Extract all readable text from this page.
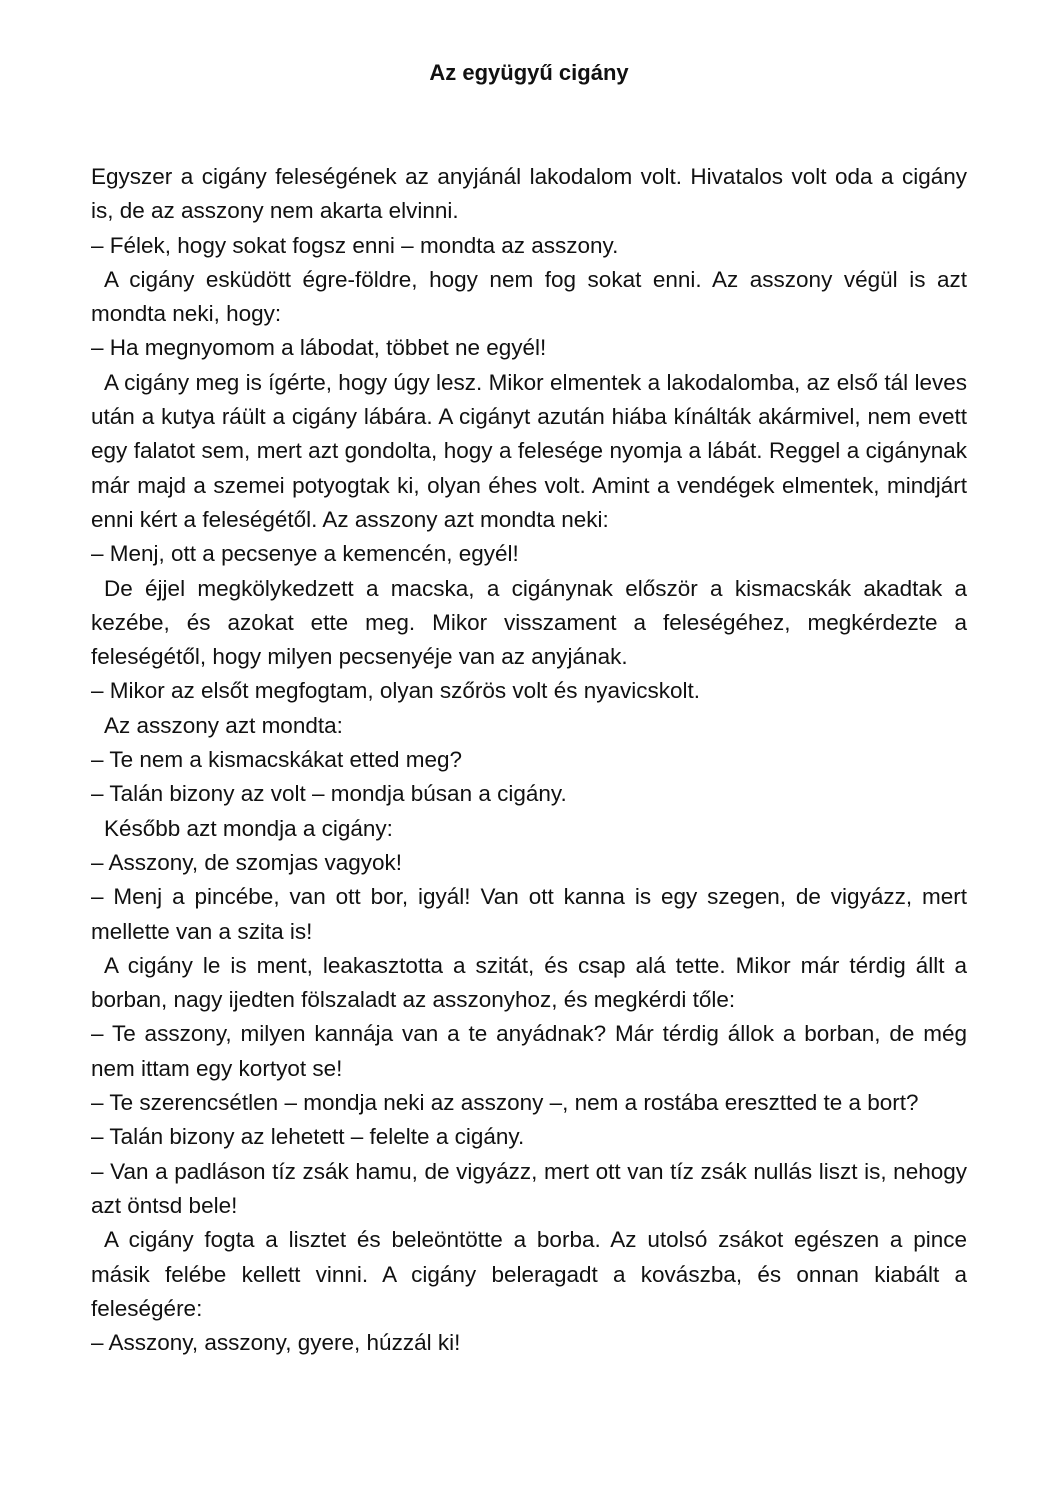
Az együgyű cigány

Egyszer a cigány feleségének az anyjánál lakodalom volt. Hivatalos volt oda a cigány is, de az asszony nem akarta elvinni.

– Félek, hogy sokat fogsz enni – mondta az asszony.

A cigány esküdött égre-földre, hogy nem fog sokat enni. Az asszony végül is azt mondta neki, hogy:

– Ha megnyomom a lábodat, többet ne egyél!

A cigány meg is ígérte, hogy úgy lesz. Mikor elmentek a lakodalomba, az első tál leves után a kutya ráült a cigány lábára. A cigányt azután hiába kínálták akármivel, nem evett egy falatot sem, mert azt gondolta, hogy a felesége nyomja a lábát. Reggel a cigánynak már majd a szemei potyogtak ki, olyan éhes volt. Amint a vendégek elmentek, mindjárt enni kért a feleségétől. Az asszony azt mondta neki:

– Menj, ott a pecsenye a kemencén, egyél!

De éjjel megkölykedzett a macska, a cigánynak először a kismacskák akadtak a kezébe, és azokat ette meg. Mikor visszament a feleségéhez, megkérdezte a feleségétől, hogy milyen pecsenyéje van az anyjának.

– Mikor az elsőt megfogtam, olyan szőrös volt és nyavicskolt.

Az asszony azt mondta:

– Te nem a kismacskákat etted meg?

– Talán bizony az volt – mondja búsan a cigány.

Később azt mondja a cigány:

– Asszony, de szomjas vagyok!

– Menj a pincébe, van ott bor, igyál! Van ott kanna is egy szegen, de vigyázz, mert mellette van a szita is!

A cigány le is ment, leakasztotta a szitát, és csap alá tette. Mikor már térdig állt a borban, nagy ijedten fölszaladt az asszonyhoz, és megkérdi tőle:

– Te asszony, milyen kannája van a te anyádnak? Már térdig állok a borban, de még nem ittam egy kortyot se!

– Te szerencsétlen – mondja neki az asszony –, nem a rostába eresztted te a bort?

– Talán bizony az lehetett – felelte a cigány.

– Van a padláson tíz zsák hamu, de vigyázz, mert ott van tíz zsák nullás liszt is, nehogy azt öntsd bele!

A cigány fogta a lisztet és beleöntötte a borba. Az utolsó zsákot egészen a pince másik felébe kellett vinni. A cigány beleragadt a kovászba, és onnan kiabált a feleségére:

– Asszony, asszony, gyere, húzzál ki!
